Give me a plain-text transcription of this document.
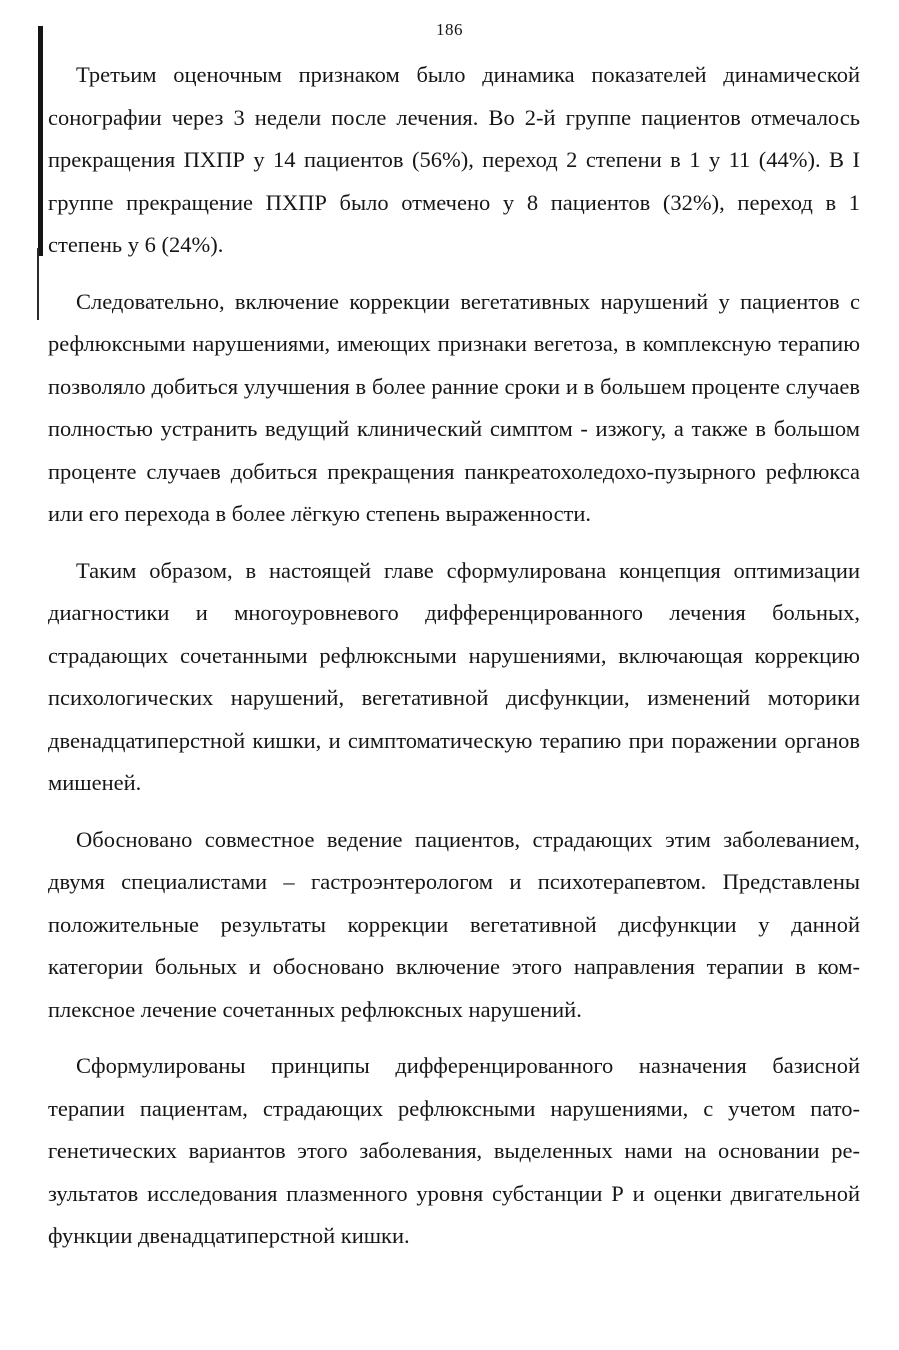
186

Третьим оценочным признаком было динамика показателей динамической сонографии через 3 недели после лечения. Во 2-й группе пациентов отмечалось прекращения ПХПР у 14 пациентов (56%), переход 2 степени в 1 у 11 (44%). В I группе прекращение ПХПР было отмечено у 8 пациентов (32%), переход в 1 степень у 6 (24%).

Следовательно, включение коррекции вегетативных нарушений у пациентов с рефлюксными нарушениями, имеющих признаки вегетоза, в комплексную терапию позволяло добиться улучшения в более ранние сроки и в большем проценте случаев полностью устранить ведущий клинический симптом - изжогу, а также в большом проценте случаев добиться прекращения панкреатохоледохо-пузырного рефлюкса или его перехода в более лёгкую степень выраженности.

Таким образом, в настоящей главе сформулирована концепция оптимизации диагностики и многоуровневого дифференцированного лечения больных, страдающих сочетанными рефлюксными нарушениями, включающая коррекцию психологических нарушений, вегетативной дисфункции, изменений моторики двенадцатиперстной кишки, и симптоматическую терапию при поражении органов мишеней.

Обосновано совместное ведение пациентов, страдающих этим заболеванием, двумя специалистами – гастроэнтерологом и психотерапевтом. Представлены положительные результаты коррекции вегетативной дисфункции у данной категории больных и обосновано включение этого направления терапии в комплексное лечение сочетанных рефлюксных нарушений.

Сформулированы принципы дифференцированного назначения базисной терапии пациентам, страдающих рефлюксными нарушениями, с учетом патогенетических вариантов этого заболевания, выделенных нами на основании результатов исследования плазменного уровня субстанции Р и оценки двигательной функции двенадцатиперстной кишки.
